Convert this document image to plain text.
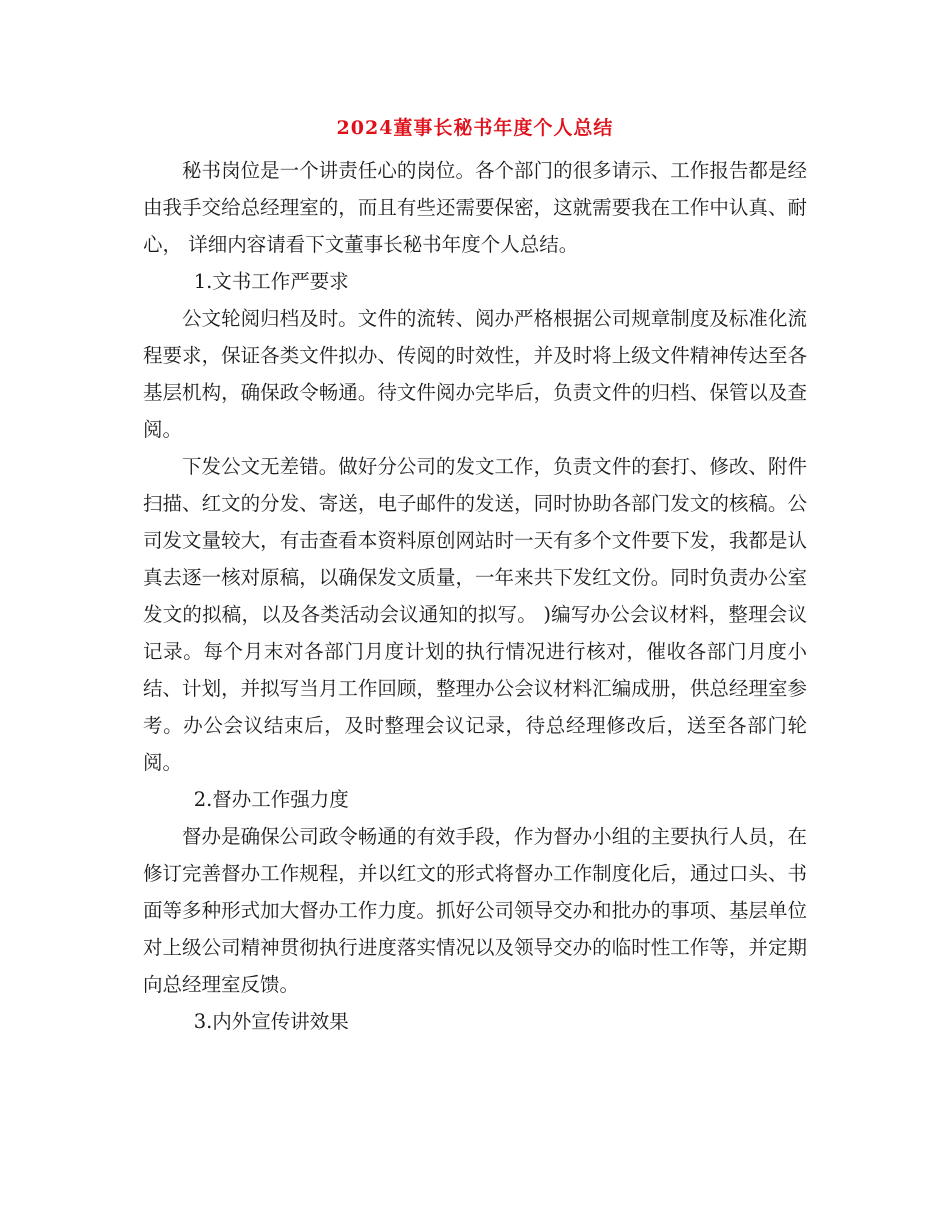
2024董事长秘书年度个人总结

秘书岗位是一个讲责任心的岗位。各个部门的很多请示、工作报告都是经由我手交给总经理室的，而且有些还需要保密，这就需要我在工作中认真、耐心， 详细内容请看下文董事长秘书年度个人总结。

1.文书工作严要求

公文轮阅归档及时。文件的流转、阅办严格根据公司规章制度及标准化流程要求，保证各类文件拟办、传阅的时效性，并及时将上级文件精神传达至各基层机构，确保政令畅通。待文件阅办完毕后，负责文件的归档、保管以及查阅。

下发公文无差错。做好分公司的发文工作，负责文件的套打、修改、附件扫描、红文的分发、寄送，电子邮件的发送，同时协助各部门发文的核稿。公司发文量较大，有击查看本资料原创网站时一天有多个文件要下发，我都是认真去逐一核对原稿，以确保发文质量，一年来共下发红文份。同时负责办公室发文的拟稿，以及各类活动会议通知的拟写。 )编写办公会议材料，整理会议记录。每个月末对各部门月度计划的执行情况进行核对，催收各部门月度小结、计划，并拟写当月工作回顾，整理办公会议材料汇编成册，供总经理室参考。办公会议结束后，及时整理会议记录，待总经理修改后，送至各部门轮阅。

2.督办工作强力度

督办是确保公司政令畅通的有效手段，作为督办小组的主要执行人员，在修订完善督办工作规程，并以红文的形式将督办工作制度化后，通过口头、书面等多种形式加大督办工作力度。抓好公司领导交办和批办的事项、基层单位对上级公司精神贯彻执行进度落实情况以及领导交办的临时性工作等，并定期向总经理室反馈。

3.内外宣传讲效果
